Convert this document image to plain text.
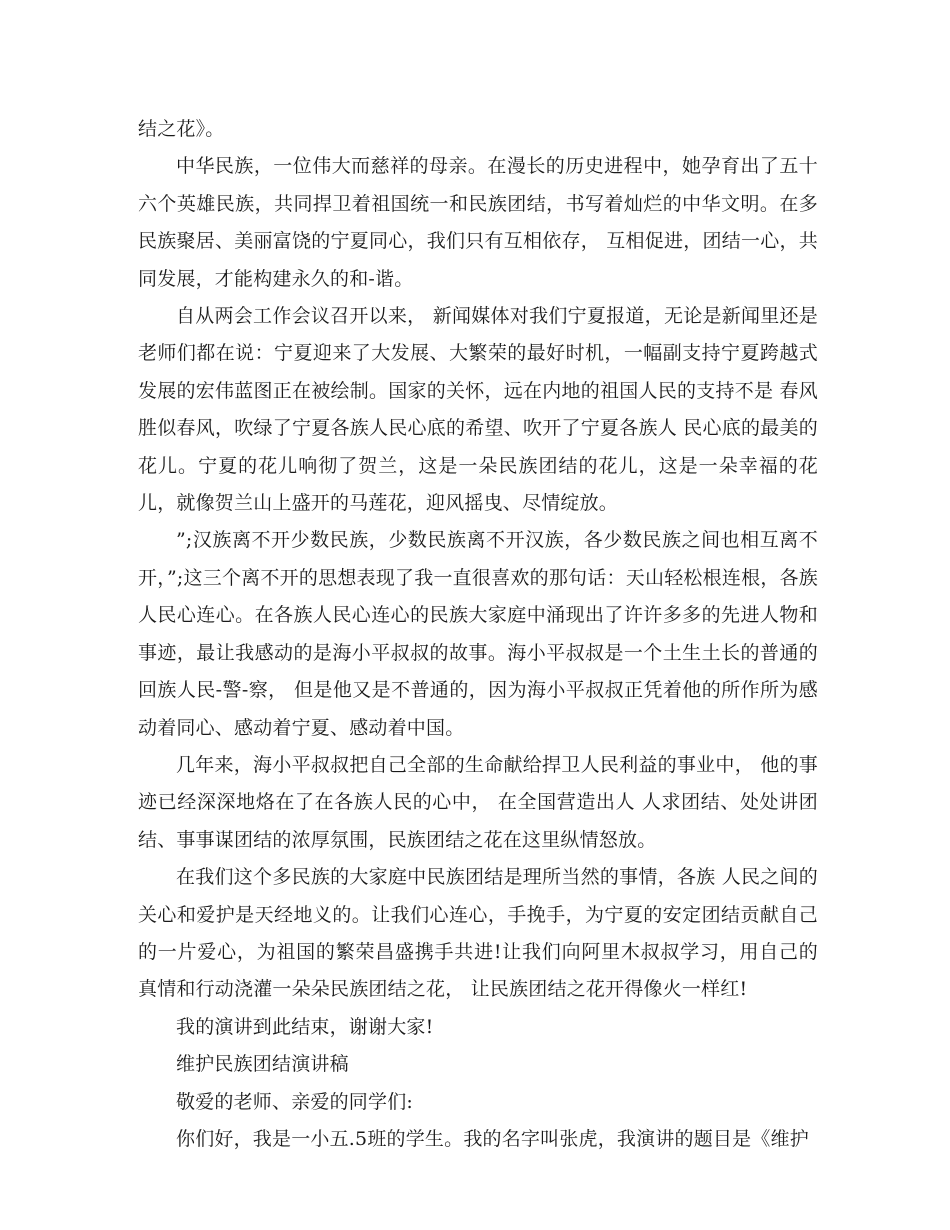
结之花》。

中华民族，一位伟大而慈祥的母亲。在漫长的历史进程中，她孕育出了五十六个英雄民族，共同捍卫着祖国统一和民族团结，书写着灿烂的中华文明。在多民族聚居、美丽富饶的宁夏同心，我们只有互相依存， 互相促进，团结一心，共同发展，才能构建永久的和-谐。

自从两会工作会议召开以来， 新闻媒体对我们宁夏报道，无论是新闻里还是老师们都在说：宁夏迎来了大发展、大繁荣的最好时机，一幅副支持宁夏跨越式发展的宏伟蓝图正在被绘制。国家的关怀，远在内地的祖国人民的支持不是 春风胜似春风，吹绿了宁夏各族人民心底的希望、吹开了宁夏各族人 民心底的最美的花儿。宁夏的花儿响彻了贺兰，这是一朵民族团结的花儿，这是一朵幸福的花儿，就像贺兰山上盛开的马莲花，迎风摇曳、尽情绽放。

”;汉族离不开少数民族，少数民族离不开汉族，各少数民族之间也相互离不开，”;这三个离不开的思想表现了我一直很喜欢的那句话：天山轻松根连根，各族人民心连心。在各族人民心连心的民族大家庭中涌现出了许许多多的先进人物和事迹，最让我感动的是海小平叔叔的故事。海小平叔叔是一个土生土长的普通的回族人民-警-察， 但是他又是不普通的，因为海小平叔叔正凭着他的所作所为感动着同心、感动着宁夏、感动着中国。

几年来，海小平叔叔把自己全部的生命献给捍卫人民利益的事业中， 他的事迹已经深深地烙在了在各族人民的心中， 在全国营造出人 人求团结、处处讲团结、事事谋团结的浓厚氛围，民族团结之花在这里纵情怒放。

在我们这个多民族的大家庭中民族团结是理所当然的事情，各族 人民之间的关心和爱护是天经地义的。让我们心连心，手挽手，为宁夏的安定团结贡献自己的一片爱心，为祖国的繁荣昌盛携手共进!让我们向阿里木叔叔学习，用自己的 真情和行动浇灌一朵朵民族团结之花， 让民族团结之花开得像火一样红!

我的演讲到此结束，谢谢大家!

维护民族团结演讲稿

敬爱的老师、亲爱的同学们:

你们好，我是一小五.5班的学生。我的名字叫张虎，我演讲的题目是《维护
